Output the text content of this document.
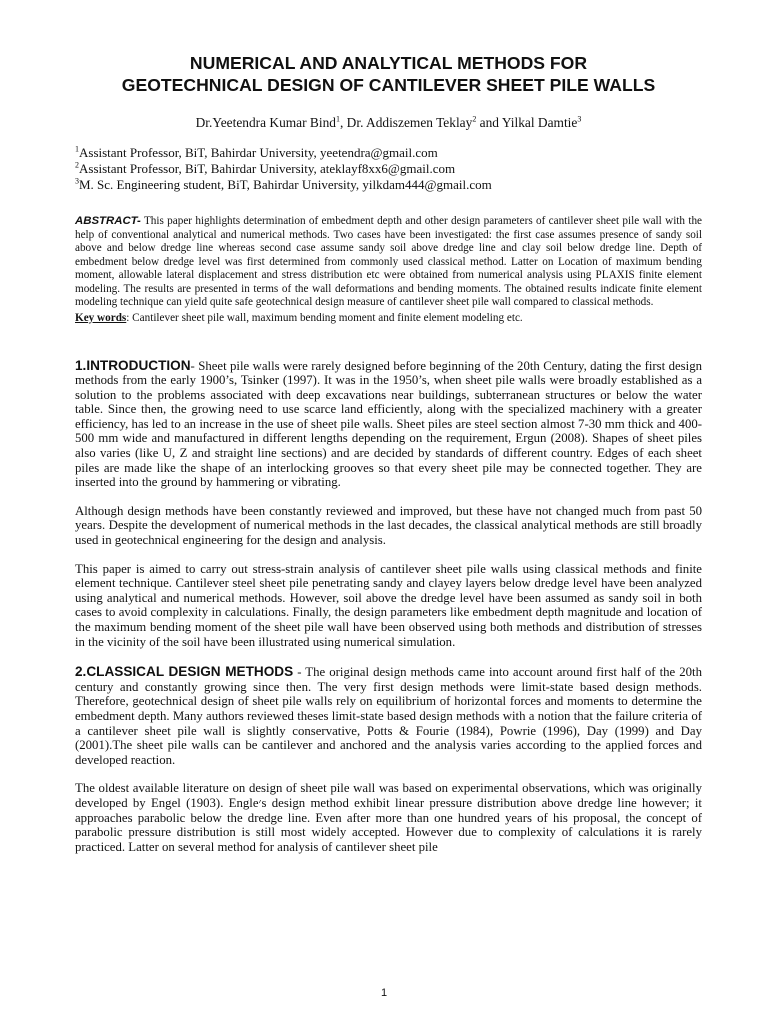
NUMERICAL AND ANALYTICAL METHODS FOR
GEOTECHNICAL DESIGN OF CANTILEVER SHEET PILE WALLS
Dr.Yeetendra Kumar Bind$^1$, Dr. Addiszemen Teklay$^2$ and Yilkal Damtie$^3$
$^1$Assistant Professor, BiT, Bahirdar University, yeetendra@gmail.com
$^2$Assistant Professor, BiT, Bahirdar University, ateklayf8xx6@gmail.com
$^3$M. Sc. Engineering student, BiT, Bahirdar University, yilkdam444@gmail.com
ABSTRACT- This paper highlights determination of embedment depth and other design parameters of cantilever sheet pile wall with the help of conventional analytical and numerical methods. Two cases have been investigated: the first case assumes presence of sandy soil above and below dredge line whereas second case assume sandy soil above dredge line and clay soil below dredge line. Depth of embedment below dredge level was first determined from commonly used classical method. Latter on Location of maximum bending moment, allowable lateral displacement and stress distribution etc were obtained from numerical analysis using PLAXIS finite element modeling. The results are presented in terms of the wall deformations and bending moments. The obtained results indicate finite element modeling technique can yield quite safe geotechnical design measure of cantilever sheet pile wall compared to classical methods.
Key words: Cantilever sheet pile wall, maximum bending moment and finite element modeling etc.

1.INTRODUCTION- Sheet pile walls were rarely designed before beginning of the 20th Century, dating the first design methods from the early 1900’s, Tsinker (1997). It was in the 1950’s, when sheet pile walls were broadly established as a solution to the problems associated with deep excavations near buildings, subterranean structures or below the water table. Since then, the growing need to use scarce land efficiently, along with the specialized machinery with a greater efficiency, has led to an increase in the use of sheet pile walls. Sheet piles are steel section almost 7-30 mm thick and 400-500 mm wide and manufactured in different lengths depending on the requirement, Ergun (2008). Shapes of sheet piles also varies (like U, Z and straight line sections) and are decided by standards of different country. Edges of each sheet piles are made like the shape of an interlocking grooves so that every sheet pile may be connected together. They are inserted into the ground by hammering or vibrating.

Although design methods have been constantly reviewed and improved, but these have not changed much from past 50 years. Despite the development of numerical methods in the last decades, the classical analytical methods are still broadly used in geotechnical engineering for the design and analysis.

This paper is aimed to carry out stress-strain analysis of cantilever sheet pile walls using classical methods and finite element technique. Cantilever steel sheet pile penetrating sandy and clayey layers below dredge level have been analyzed using analytical and numerical methods. However, soil above the dredge level have been assumed as sandy soil in both cases to avoid complexity in calculations. Finally, the design parameters like embedment depth magnitude and location of the maximum bending moment of the sheet pile wall have been observed using both methods and distribution of stresses in the vicinity of the soil have been illustrated using numerical simulation.

2.CLASSICAL DESIGN METHODS - The original design methods came into account around first half of the 20th century and constantly growing since then. The very first design methods were limit-state based design methods. Therefore, geotechnical design of sheet pile walls rely on equilibrium of horizontal forces and moments to determine the embedment depth. Many authors reviewed theses limit-state based design methods with a notion that the failure criteria of a cantilever sheet pile wall is slightly conservative, Potts & Fourie (1984), Powrie (1996), Day (1999) and Day (2001).The sheet pile walls can be cantilever and anchored and the analysis varies according to the applied forces and developed reaction.

The oldest available literature on design of sheet pile wall was based on experimental observations, which was originally developed by Engel (1903). Engle׳s design method exhibit linear pressure distribution above dredge line however; it approaches parabolic below the dredge line. Even after more than one hundred years of his proposal, the concept of parabolic pressure distribution is still most widely accepted. However due to complexity of calculations it is rarely practiced. Latter on several method for analysis of cantilever sheet pile

1
